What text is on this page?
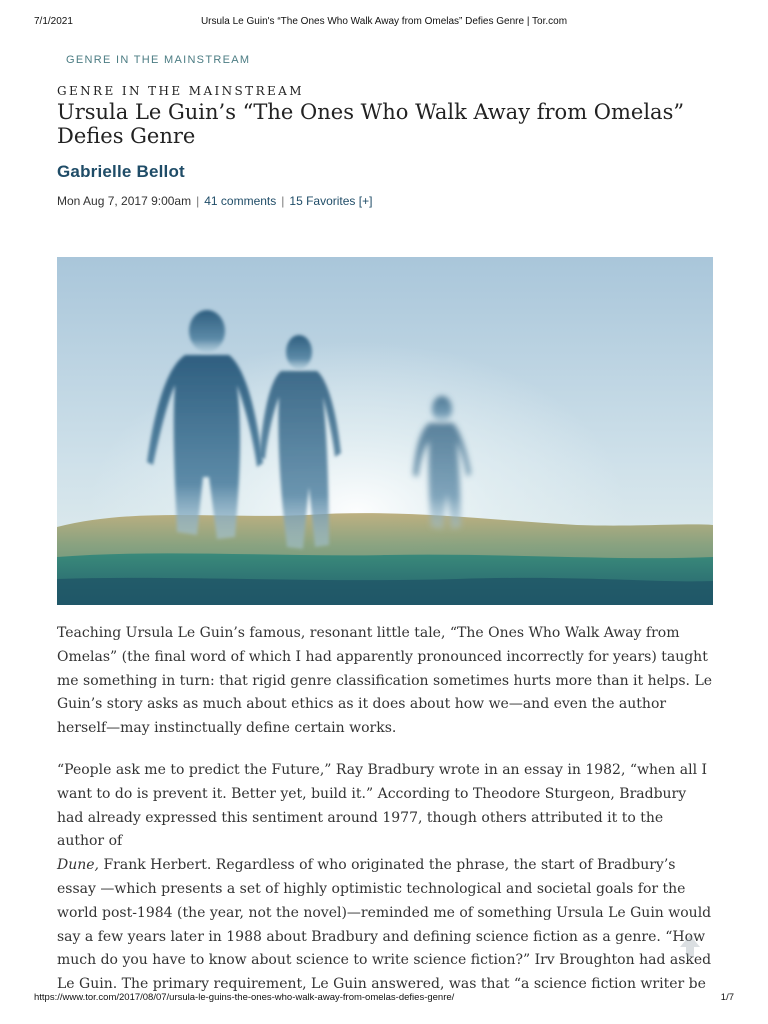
7/1/2021	Ursula Le Guin's “The Ones Who Walk Away from Omelas” Defies Genre | Tor.com
GENRE IN THE MAINSTREAM
GENRE IN THE MAINSTREAM
Ursula Le Guin’s “The Ones Who Walk Away from Omelas” Defies Genre
Gabrielle Bellot
Mon Aug 7, 2017 9:00am | 41 comments | 15 Favorites [+]

Teaching Ursula Le Guin’s famous, resonant little tale, “The Ones Who Walk Away from Omelas” (the final word of which I had apparently pronounced incorrectly for years) taught me something in turn: that rigid genre classification sometimes hurts more than it helps. Le Guin’s story asks as much about ethics as it does about how we—and even the author herself—may instinctually define certain works.

“People ask me to predict the Future,” Ray Bradbury wrote in an essay in 1982, “when all I want to do is prevent it. Better yet, build it.” According to Theodore Sturgeon, Bradbury had already expressed this sentiment around 1977, though others attributed it to the author of
Dune, Frank Herbert. Regardless of who originated the phrase, the start of Bradbury’s essay —which presents a set of highly optimistic technological and societal goals for the world post-1984 (the year, not the novel)—reminded me of something Ursula Le Guin would say a few years later in 1988 about Bradbury and defining science fiction as a genre. “How much do you have to know about science to write science fiction?” Irv Broughton had asked Le Guin. The primary requirement, Le Guin answered, was that “a science fiction writer be

https://www.tor.com/2017/08/07/ursula-le-guins-the-ones-who-walk-away-from-omelas-defies-genre/	1/7
